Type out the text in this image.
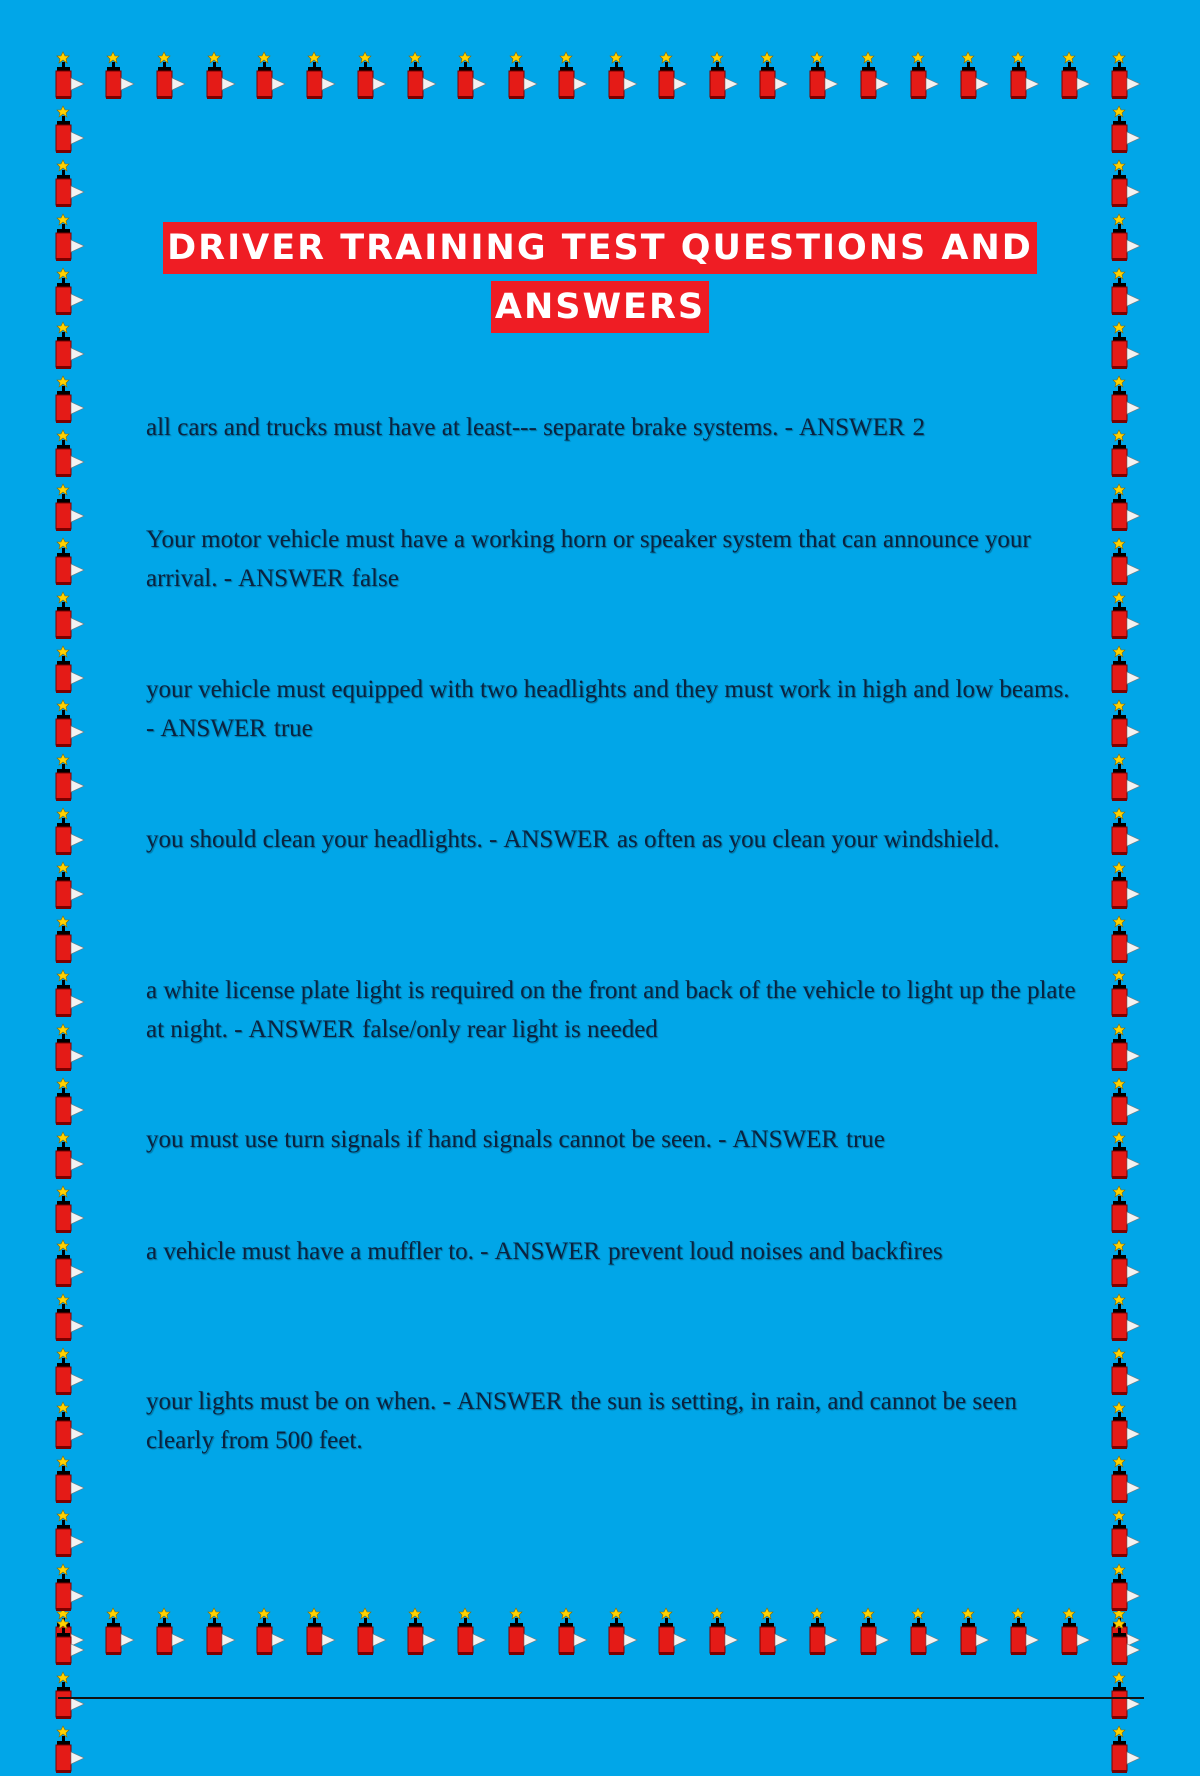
DRIVER TRAINING TEST QUESTIONS AND
ANSWERS
all cars and trucks must have at least--- separate brake systems. - ANSWER 2
Your motor vehicle must have a working horn or speaker system that can announce your arrival. - ANSWER false
your vehicle must equipped with two headlights and they must work in high and low beams. - ANSWER true
you should clean your headlights. - ANSWER as often as you clean your windshield.
a white license plate light is required on the front and back of the vehicle to light up the plate at night. - ANSWER false/only rear light is needed
you must use turn signals if hand signals cannot be seen. - ANSWER true
a vehicle must have a muffler to. - ANSWER prevent loud noises and backfires
your lights must be on when. - ANSWER the sun is setting, in rain, and cannot be seen clearly from 500 feet.
